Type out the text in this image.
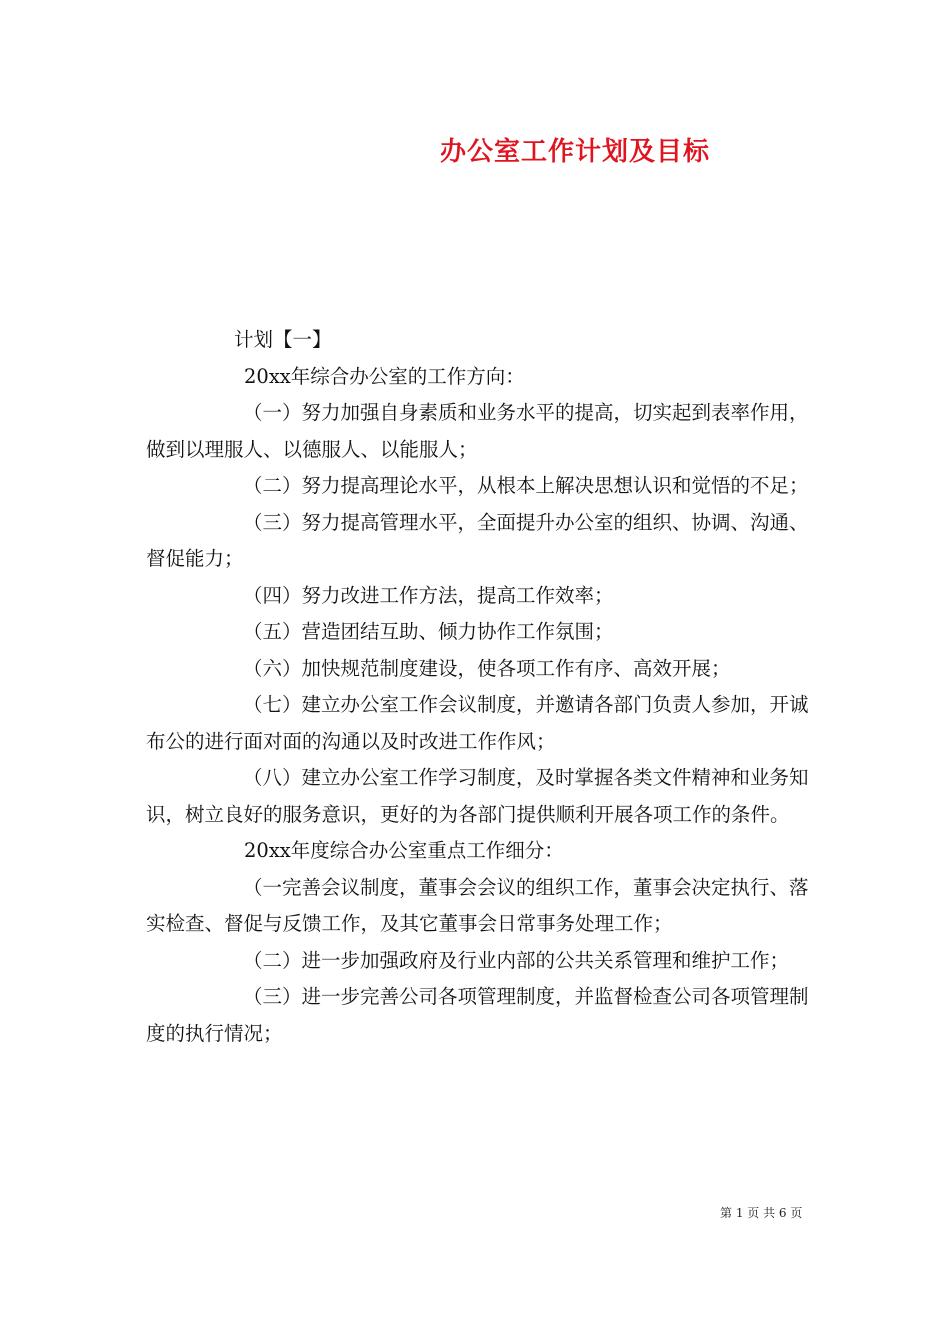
办公室工作计划及目标

计划【一】

20xx年综合办公室的工作方向：

（一）努力加强自身素质和业务水平的提高，切实起到表率作用，做到以理服人、以德服人、以能服人；

（二）努力提高理论水平，从根本上解决思想认识和觉悟的不足；

（三）努力提高管理水平，全面提升办公室的组织、协调、沟通、督促能力；

（四）努力改进工作方法，提高工作效率；

（五）营造团结互助、倾力协作工作氛围；

（六）加快规范制度建设，使各项工作有序、高效开展；

（七）建立办公室工作会议制度，并邀请各部门负责人参加，开诚布公的进行面对面的沟通以及时改进工作作风；

（八）建立办公室工作学习制度，及时掌握各类文件精神和业务知识，树立良好的服务意识，更好的为各部门提供顺利开展各项工作的条件。

20xx年度综合办公室重点工作细分：

（一完善会议制度，董事会会议的组织工作，董事会决定执行、落实检查、督促与反馈工作，及其它董事会日常事务处理工作；

（二）进一步加强政府及行业内部的公共关系管理和维护工作；

（三）进一步完善公司各项管理制度，并监督检查公司各项管理制度的执行情况；

第 1 页 共 6 页
